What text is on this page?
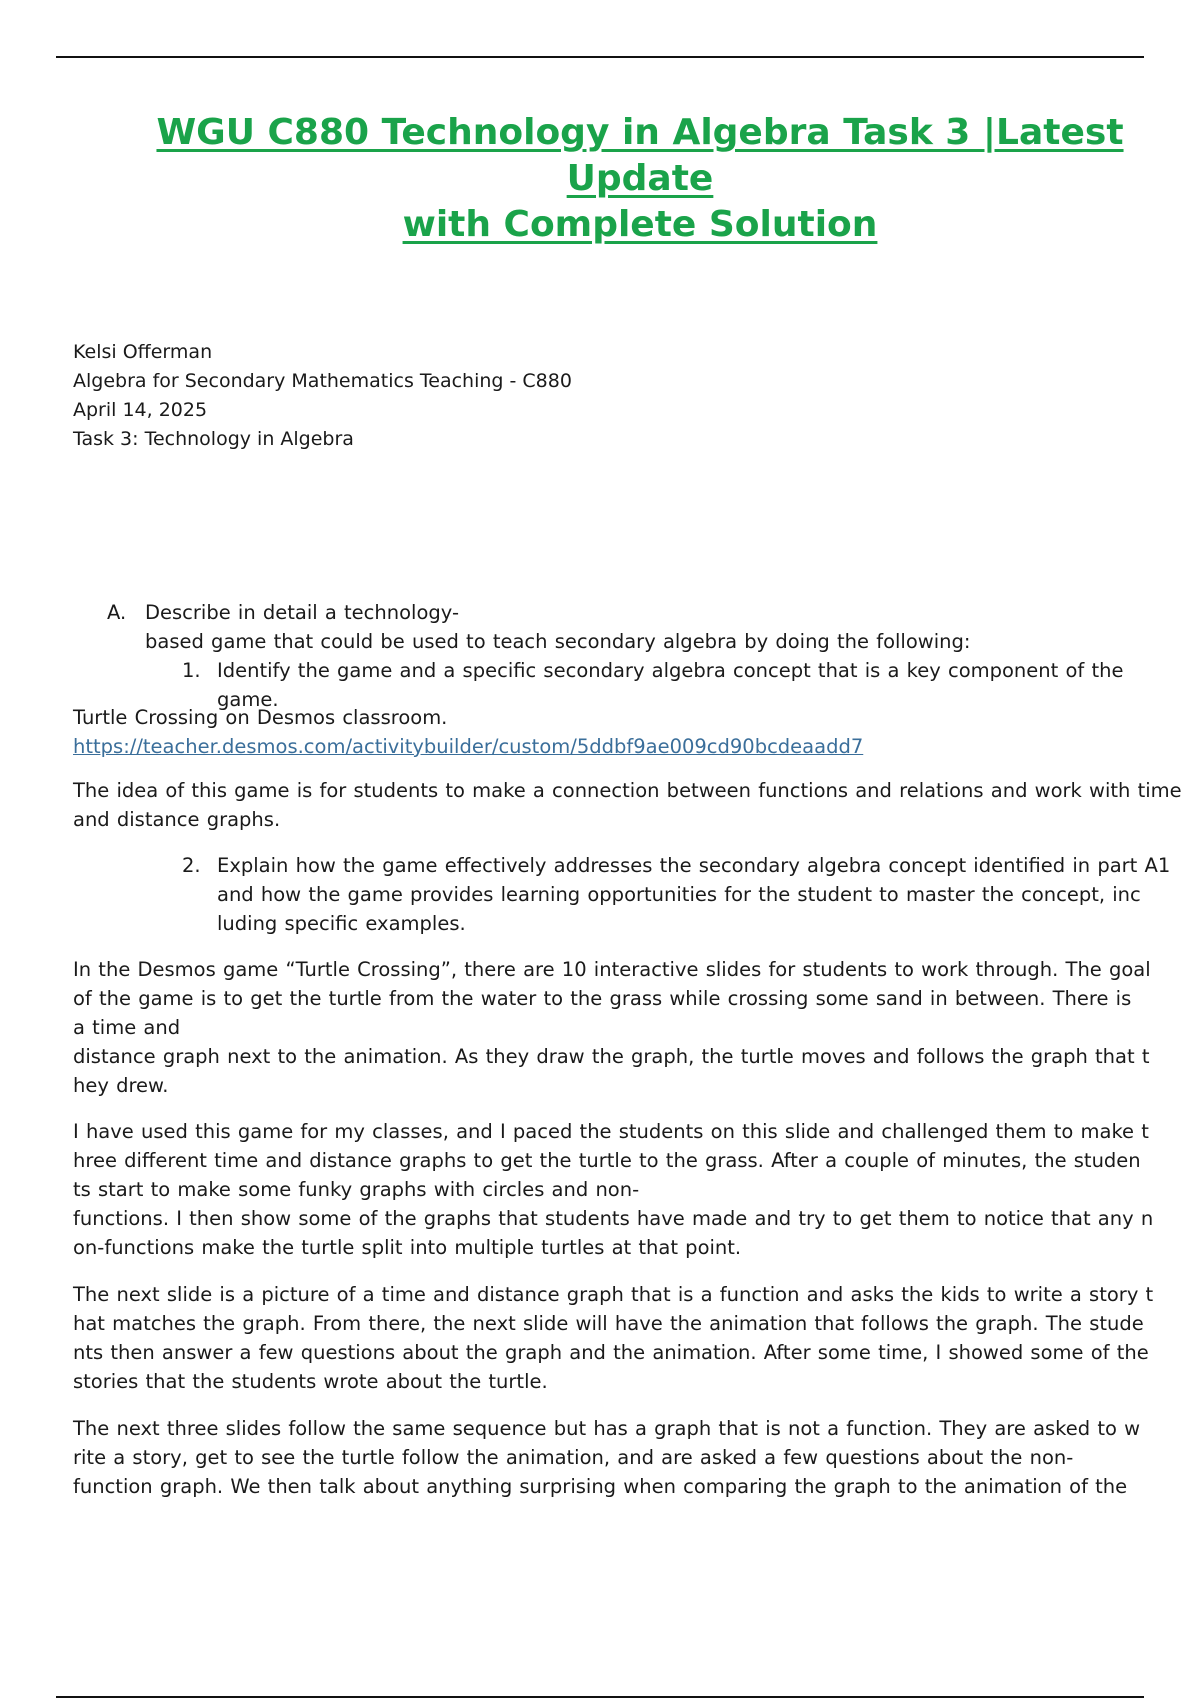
WGU C880 Technology in Algebra Task 3 |Latest Update
with Complete Solution
Kelsi Offerman
Algebra for Secondary Mathematics Teaching - C880
April 14, 2025
Task 3: Technology in Algebra
A. Describe in detail a technology-
based game that could be used to teach secondary algebra by doing the following:
1. Identify the game and a specific secondary algebra concept that is a key component of the game.
Turtle Crossing on Desmos classroom.
https://teacher.desmos.com/activitybuilder/custom/5ddbf9ae009cd90bcdeaadd7
The idea of this game is for students to make a connection between functions and relations and work with time and distance graphs.
2. Explain how the game effectively addresses the secondary algebra concept identified in part A1
and how the game provides learning opportunities for the student to master the concept, inc
luding specific examples.
In the Desmos game “Turtle Crossing”, there are 10 interactive slides for students to work through. The goal
of the game is to get the turtle from the water to the grass while crossing some sand in between. There is
a time and
distance graph next to the animation. As they draw the graph, the turtle moves and follows the graph that t
hey drew.
I have used this game for my classes, and I paced the students on this slide and challenged them to make t
hree different time and distance graphs to get the turtle to the grass. After a couple of minutes, the studen
ts start to make some funky graphs with circles and non-
functions. I then show some of the graphs that students have made and try to get them to notice that any n
on-functions make the turtle split into multiple turtles at that point.
The next slide is a picture of a time and distance graph that is a function and asks the kids to write a story t
hat matches the graph. From there, the next slide will have the animation that follows the graph. The stude
nts then answer a few questions about the graph and the animation. After some time, I showed some of the
stories that the students wrote about the turtle.
The next three slides follow the same sequence but has a graph that is not a function. They are asked to w
rite a story, get to see the turtle follow the animation, and are asked a few questions about the non-
function graph. We then talk about anything surprising when comparing the graph to the animation of the
